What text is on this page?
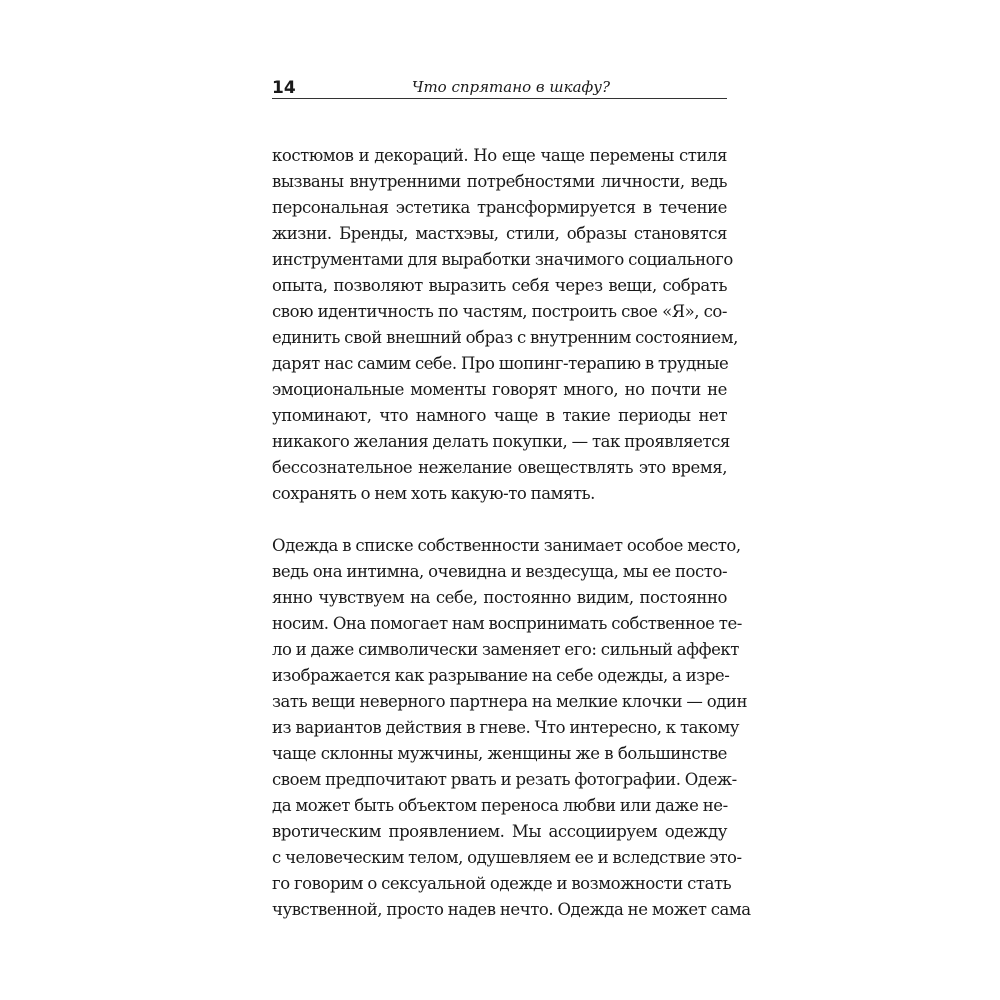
14	Что спрятано в шкафу?
костюмов и декораций. Но еще чаще перемены стиля
вызваны внутренними потребностями личности, ведь
персональная эстетика трансформируется в течение
жизни. Бренды, мастхэвы, стили, образы становятся
инструментами для выработки значимого социального
опыта, позволяют выразить себя через вещи, собрать
свою идентичность по частям, построить свое «Я», со-
единить свой внешний образ с внутренним состоянием,
дарят нас самим себе. Про шопинг-терапию в трудные
эмоциональные моменты говорят много, но почти не
упоминают, что намного чаще в такие периоды нет
никакого желания делать покупки, — так проявляется
бессознательное нежелание овеществлять это время,
сохранять о нем хоть какую-то память.
Одежда в списке собственности занимает особое место,
ведь она интимна, очевидна и вездесуща, мы ее посто-
янно чувствуем на себе, постоянно видим, постоянно
носим. Она помогает нам воспринимать собственное те-
ло и даже символически заменяет его: сильный аффект
изображается как разрывание на себе одежды, а изре-
зать вещи неверного партнера на мелкие клочки — один
из вариантов действия в гневе. Что интересно, к такому
чаще склонны мужчины, женщины же в большинстве
своем предпочитают рвать и резать фотографии. Одеж-
да может быть объектом переноса любви или даже не-
вротическим проявлением. Мы ассоциируем одежду
с человеческим телом, одушевляем ее и вследствие это-
го говорим о сексуальной одежде и возможности стать
чувственной, просто надев нечто. Одежда не может сама
